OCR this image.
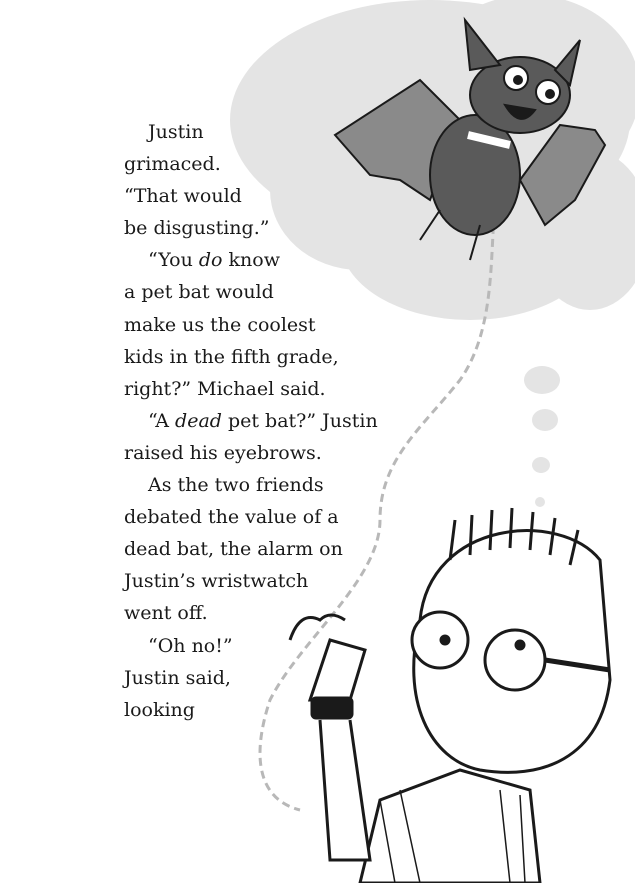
Justin
grimaced.
“That would
be disgusting.”
“You do know
a pet bat would
make us the coolest
kids in the fifth grade,
right?” Michael said.
“A dead pet bat?” Justin
raised his eyebrows.
As the two friends
debated the value of a
dead bat, the alarm on
Justin’s wristwatch
went off.
“Oh no!”
Justin said,
looking
